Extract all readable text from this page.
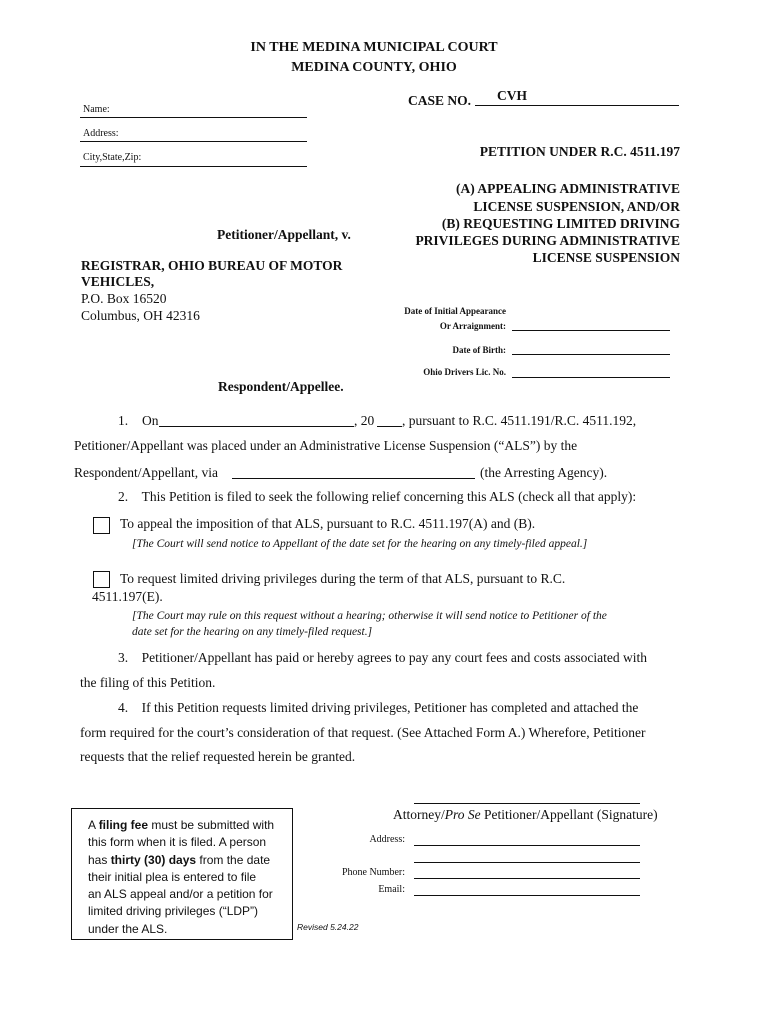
IN THE MEDINA MUNICIPAL COURT
MEDINA COUNTY, OHIO
CASE NO. CVH
Name:
Address:
City,State,Zip:	PETITION UNDER R.C. 4511.197
(A) APPEALING ADMINISTRATIVE
LICENSE SUSPENSION, AND/OR
(B) REQUESTING LIMITED DRIVING
PRIVILEGES DURING ADMINISTRATIVE
LICENSE SUSPENSION
Petitioner/Appellant, v.
REGISTRAR, OHIO BUREAU OF MOTOR
VEHICLES,
P.O. Box 16520
Columbus, OH 42316	Date of Initial Appearance
Or Arraignment:
Date of Birth:
Ohio Drivers Lic. No.
Respondent/Appellee.
1. On	, 20 , pursuant to R.C. 4511.191/R.C. 4511.192,
Petitioner/Appellant was placed under an Administrative License Suspension (“ALS”) by the
Respondent/Appellant, via	(the Arresting Agency).
2.    This Petition is filed to seek the following relief concerning this ALS (check all that apply):
To appeal the imposition of that ALS, pursuant to R.C. 4511.197(A) and (B).
[The Court will send notice to Appellant of the date set for the hearing on any timely-filed appeal.]
To request limited driving privileges during the term of that ALS, pursuant to R.C.
4511.197(E).
[The Court may rule on this request without a hearing; otherwise it will send notice to Petitioner of the
date set for the hearing on any timely-filed request.]
3.    Petitioner/Appellant has paid or hereby agrees to pay any court fees and costs associated with
the filing of this Petition.
4.    If this Petition requests limited driving privileges, Petitioner has completed and attached the
form required for the court’s consideration of that request. (See Attached Form A.) Wherefore, Petitioner
requests that the relief requested herein be granted.
Attorney/Pro Se Petitioner/Appellant (Signature)
Address:
Phone Number:
Email:
A filing fee must be submitted with
this form when it is filed. A person
has thirty (30) days from the date
their initial plea is entered to file
an ALS appeal and/or a petition for
limited driving privileges (“LDP”)
under the ALS.	Revised 5.24.22
